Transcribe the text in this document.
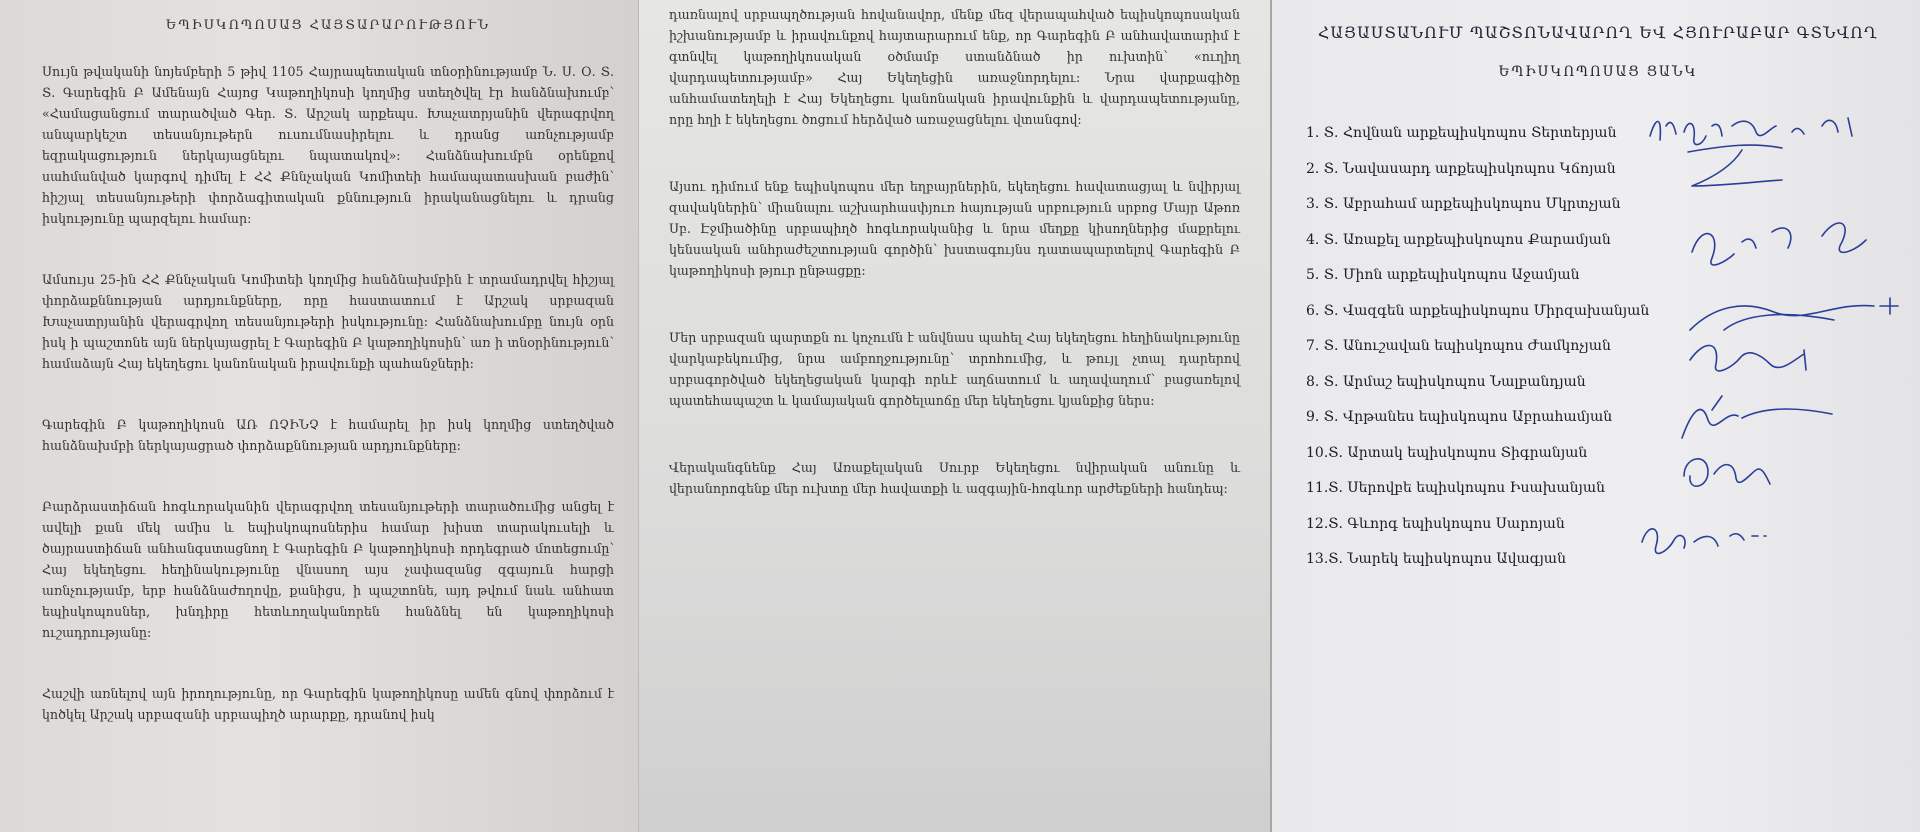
ԵՊԻՍԿՈՊՈՍԱՑ ՀԱՅՏԱՐԱՐՈՒԹՅՈՒՆ

Սույն թվականի նոյեմբերի 5 թիվ 1105 Հայրապետական տնօրինությամբ Ն. Ս. Օ. Տ. Տ. Գարեգին Բ Ամենայն Հայոց Կաթողիկոսի կողմից ստեղծվել էր հանձնախումբ՝ «Համացանցում տարածված Գեր. Տ. Արշակ արքեպս. Խաչատրյանին վերագրվող անպարկեշտ տեսանյութերն ուսումնասիրելու և դրանց առնչությամբ եզրակացություն ներկայացնելու նպատակով»: Հանձնախումբն օրենքով սահմանված կարգով դիմել է ՀՀ Քննչական Կոմիտեի համապատասխան բաժին՝ հիշյալ տեսանյութերի փորձագիտական քննություն իրականացնելու և դրանց իսկությունը պարզելու համար:

Ամսույս 25-ին ՀՀ Քննչական Կոմիտեի կողմից հանձնախմբին է տրամադրվել հիշյալ փորձաքննության արդյունքները, որը հաստատում է Արշակ սրբազան Խաչատրյանին վերագրվող տեսանյութերի իսկությունը: Հանձնախումբը նույն օրն իսկ ի պաշտոնե այն ներկայացրել է Գարեգին Բ կաթողիկոսին՝ առ ի տնօրինություն՝ համաձայն Հայ եկեղեցու կանոնական իրավունքի պահանջների:

Գարեգին Բ կաթողիկոսն ԱՌ ՈՉԻՆՉ է համարել իր իսկ կողմից ստեղծված հանձնախմբի ներկայացրած փորձաքննության արդյունքները:

Բարձրաստիճան հոգևորականին վերագրվող տեսանյութերի տարածումից անցել է ավելի քան մեկ ամիս և եպիսկոպոսներիս համար խիստ տարակուսելի և ծայրաստիճան անհանգստացնող է Գարեգին Բ կաթողիկոսի որդեգրած մոտեցումը՝ Հայ եկեղեցու հեղինակությունը վնասող այս չափազանց զգայուն հարցի առնչությամբ, երբ հանձնաժողովը, քանիցս, ի պաշտոնե, այդ թվում նաև անհատ եպիսկոպոսներ, խնդիրը հետևողականորեն հանձնել են կաթողիկոսի ուշադրությանը:

Հաշվի առնելով այն իրողությունը, որ Գարեգին կաթողիկոսը ամեն գնով փորձում է կոծկել Արշակ սրբազանի սրբապիղծ արարքը, դրանով իսկ

դառնալով սրբապղծության հովանավոր, մենք մեզ վերապահված եպիսկոպոսական իշխանությամբ և իրավունքով հայտարարում ենք, որ Գարեգին Բ անհավատարիմ է գտնվել կաթողիկոսական օծմամբ ստանձնած իր ուխտին՝ «ուղիղ վարդապետությամբ» Հայ Եկեղեցին առաջնորդելու: Նրա վարքագիծը անհամատեղելի է Հայ Եկեղեցու կանոնական իրավունքին և վարդապետությանը, որը հղի է եկեղեցու ծոցում հերձված առաջացնելու վտանգով:

Այսու դիմում ենք եպիսկոպոս մեր եղբայրներին, եկեղեցու հավատացյալ և նվիրյալ զավակներին՝ միանալու աշխարհասփյուռ հայության սրբություն սրբոց Մայր Աթոռ Սբ. Էջմիածինը սրբապիղծ հոգևորականից և նրա մեղքը կիսողներից մաքրելու կենսական անհրաժեշտության գործին՝ խստագույնս դատապարտելով Գարեգին Բ կաթողիկոսի թյուր ընթացքը:

Մեր սրբազան պարտքն ու կոչումն է անվնաս պահել Հայ եկեղեցու հեղինակությունը վարկաբեկումից, նրա ամբողջությունը՝ տրոհումից, և թույլ չտալ դարերով սրբագործված եկեղեցական կարգի որևէ աղճատում և աղավաղում՝ բացառելով պատեհապաշտ և կամայական գործելաոճը մեր եկեղեցու կյանքից ներս:

Վերականգնենք Հայ Առաքելական Սուրբ Եկեղեցու նվիրական անունը և վերանորոգենք մեր ուխտը մեր հավատքի և ազգային-հոգևոր արժեքների հանդեպ:

ՀԱՅԱՍՏԱՆՈՒՄ ՊԱՇՏՈՆԱՎԱՐՈՂ ԵՎ ՀՅՈՒՐԱԲԱՐ ԳՏՆՎՈՂ
ԵՊԻՍԿՈՊՈՍԱՑ ՑԱՆԿ
1. Տ. Հովնան արքեպիսկոպոս Տերտերյան
2. Տ. Նավասարդ արքեպիսկոպոս Կճոյան
3. Տ. Աբրահամ արքեպիսկոպոս Մկրտչյան
4. Տ. Առաքել արքեպիսկոպոս Քարամյան
5. Տ. Միոն արքեպիսկոպոս Աջամյան
6. Տ. Վազգեն արքեպիսկոպոս Միրզախանյան
7. Տ. Անուշավան եպիսկոպոս Ժամկոչյան
8. Տ. Արմաշ եպիսկոպոս Նալբանդյան
9. Տ. Վրթանես եպիսկոպոս Աբրահամյան
10.Տ. Արտակ եպիսկոպոս Տիգրանյան
11.Տ. Սերովբե եպիսկոպոս Իսախանյան
12.Տ. Գևորգ եպիսկոպոս Սարոյան
13.Տ. Նարեկ եպիսկոպոս Ավագյան
